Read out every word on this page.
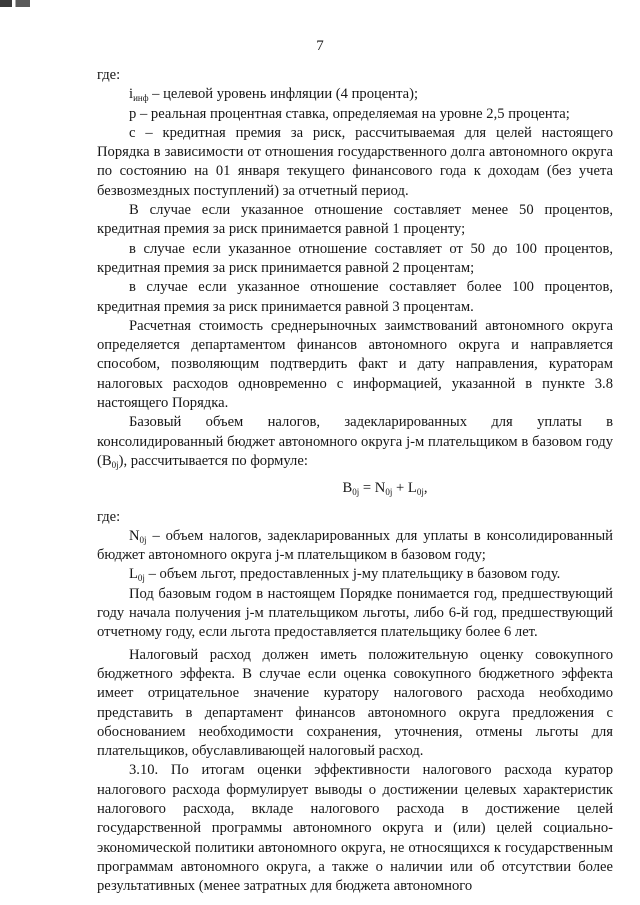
7

где:

$i_{инф}$ – целевой уровень инфляции (4 процента);

р – реальная процентная ставка, определяемая на уровне 2,5 процента;

с – кредитная премия за риск, рассчитываемая для целей настоящего Порядка в зависимости от отношения государственного долга автономного округа по состоянию на 01 января текущего финансового года к доходам (без учета безвозмездных поступлений) за отчетный период.

В случае если указанное отношение составляет менее 50 процентов, кредитная премия за риск принимается равной 1 проценту;

в случае если указанное отношение составляет от 50 до 100 процентов, кредитная премия за риск принимается равной 2 процентам;

в случае если указанное отношение составляет более 100 процентов, кредитная премия за риск принимается равной 3 процентам.

Расчетная стоимость среднерыночных заимствований автономного округа определяется департаментом финансов автономного округа и направляется способом, позволяющим подтвердить факт и дату направления, кураторам налоговых расходов одновременно с информацией, указанной в пункте 3.8 настоящего Порядка.

Базовый объем налогов, задекларированных для уплаты в консолидированный бюджет автономного округа j-м плательщиком в базовом году $(B_{0j})$, рассчитывается по формуле:

$B_{0j} = N_{0j} + L_{0j}$,

где:

$N_{0j}$ – объем налогов, задекларированных для уплаты в консолидированный бюджет автономного округа j-м плательщиком в базовом году;

$L_{0j}$ – объем льгот, предоставленных j-му плательщику в базовом году.

Под базовым годом в настоящем Порядке понимается год, предшествующий году начала получения j-м плательщиком льготы, либо 6-й год, предшествующий отчетному году, если льгота предоставляется плательщику более 6 лет.

Налоговый расход должен иметь положительную оценку совокупного бюджетного эффекта. В случае если оценка совокупного бюджетного эффекта имеет отрицательное значение куратору налогового расхода необходимо представить в департамент финансов автономного округа предложения с обоснованием необходимости сохранения, уточнения, отмены льготы для плательщиков, обуславливающей налоговый расход.

3.10. По итогам оценки эффективности налогового расхода куратор налогового расхода формулирует выводы о достижении целевых характеристик налогового расхода, вкладе налогового расхода в достижение целей государственной программы автономного округа и (или) целей социально-экономической политики автономного округа, не относящихся к государственным программам автономного округа, а также о наличии или об отсутствии более результативных (менее затратных для бюджета автономного
